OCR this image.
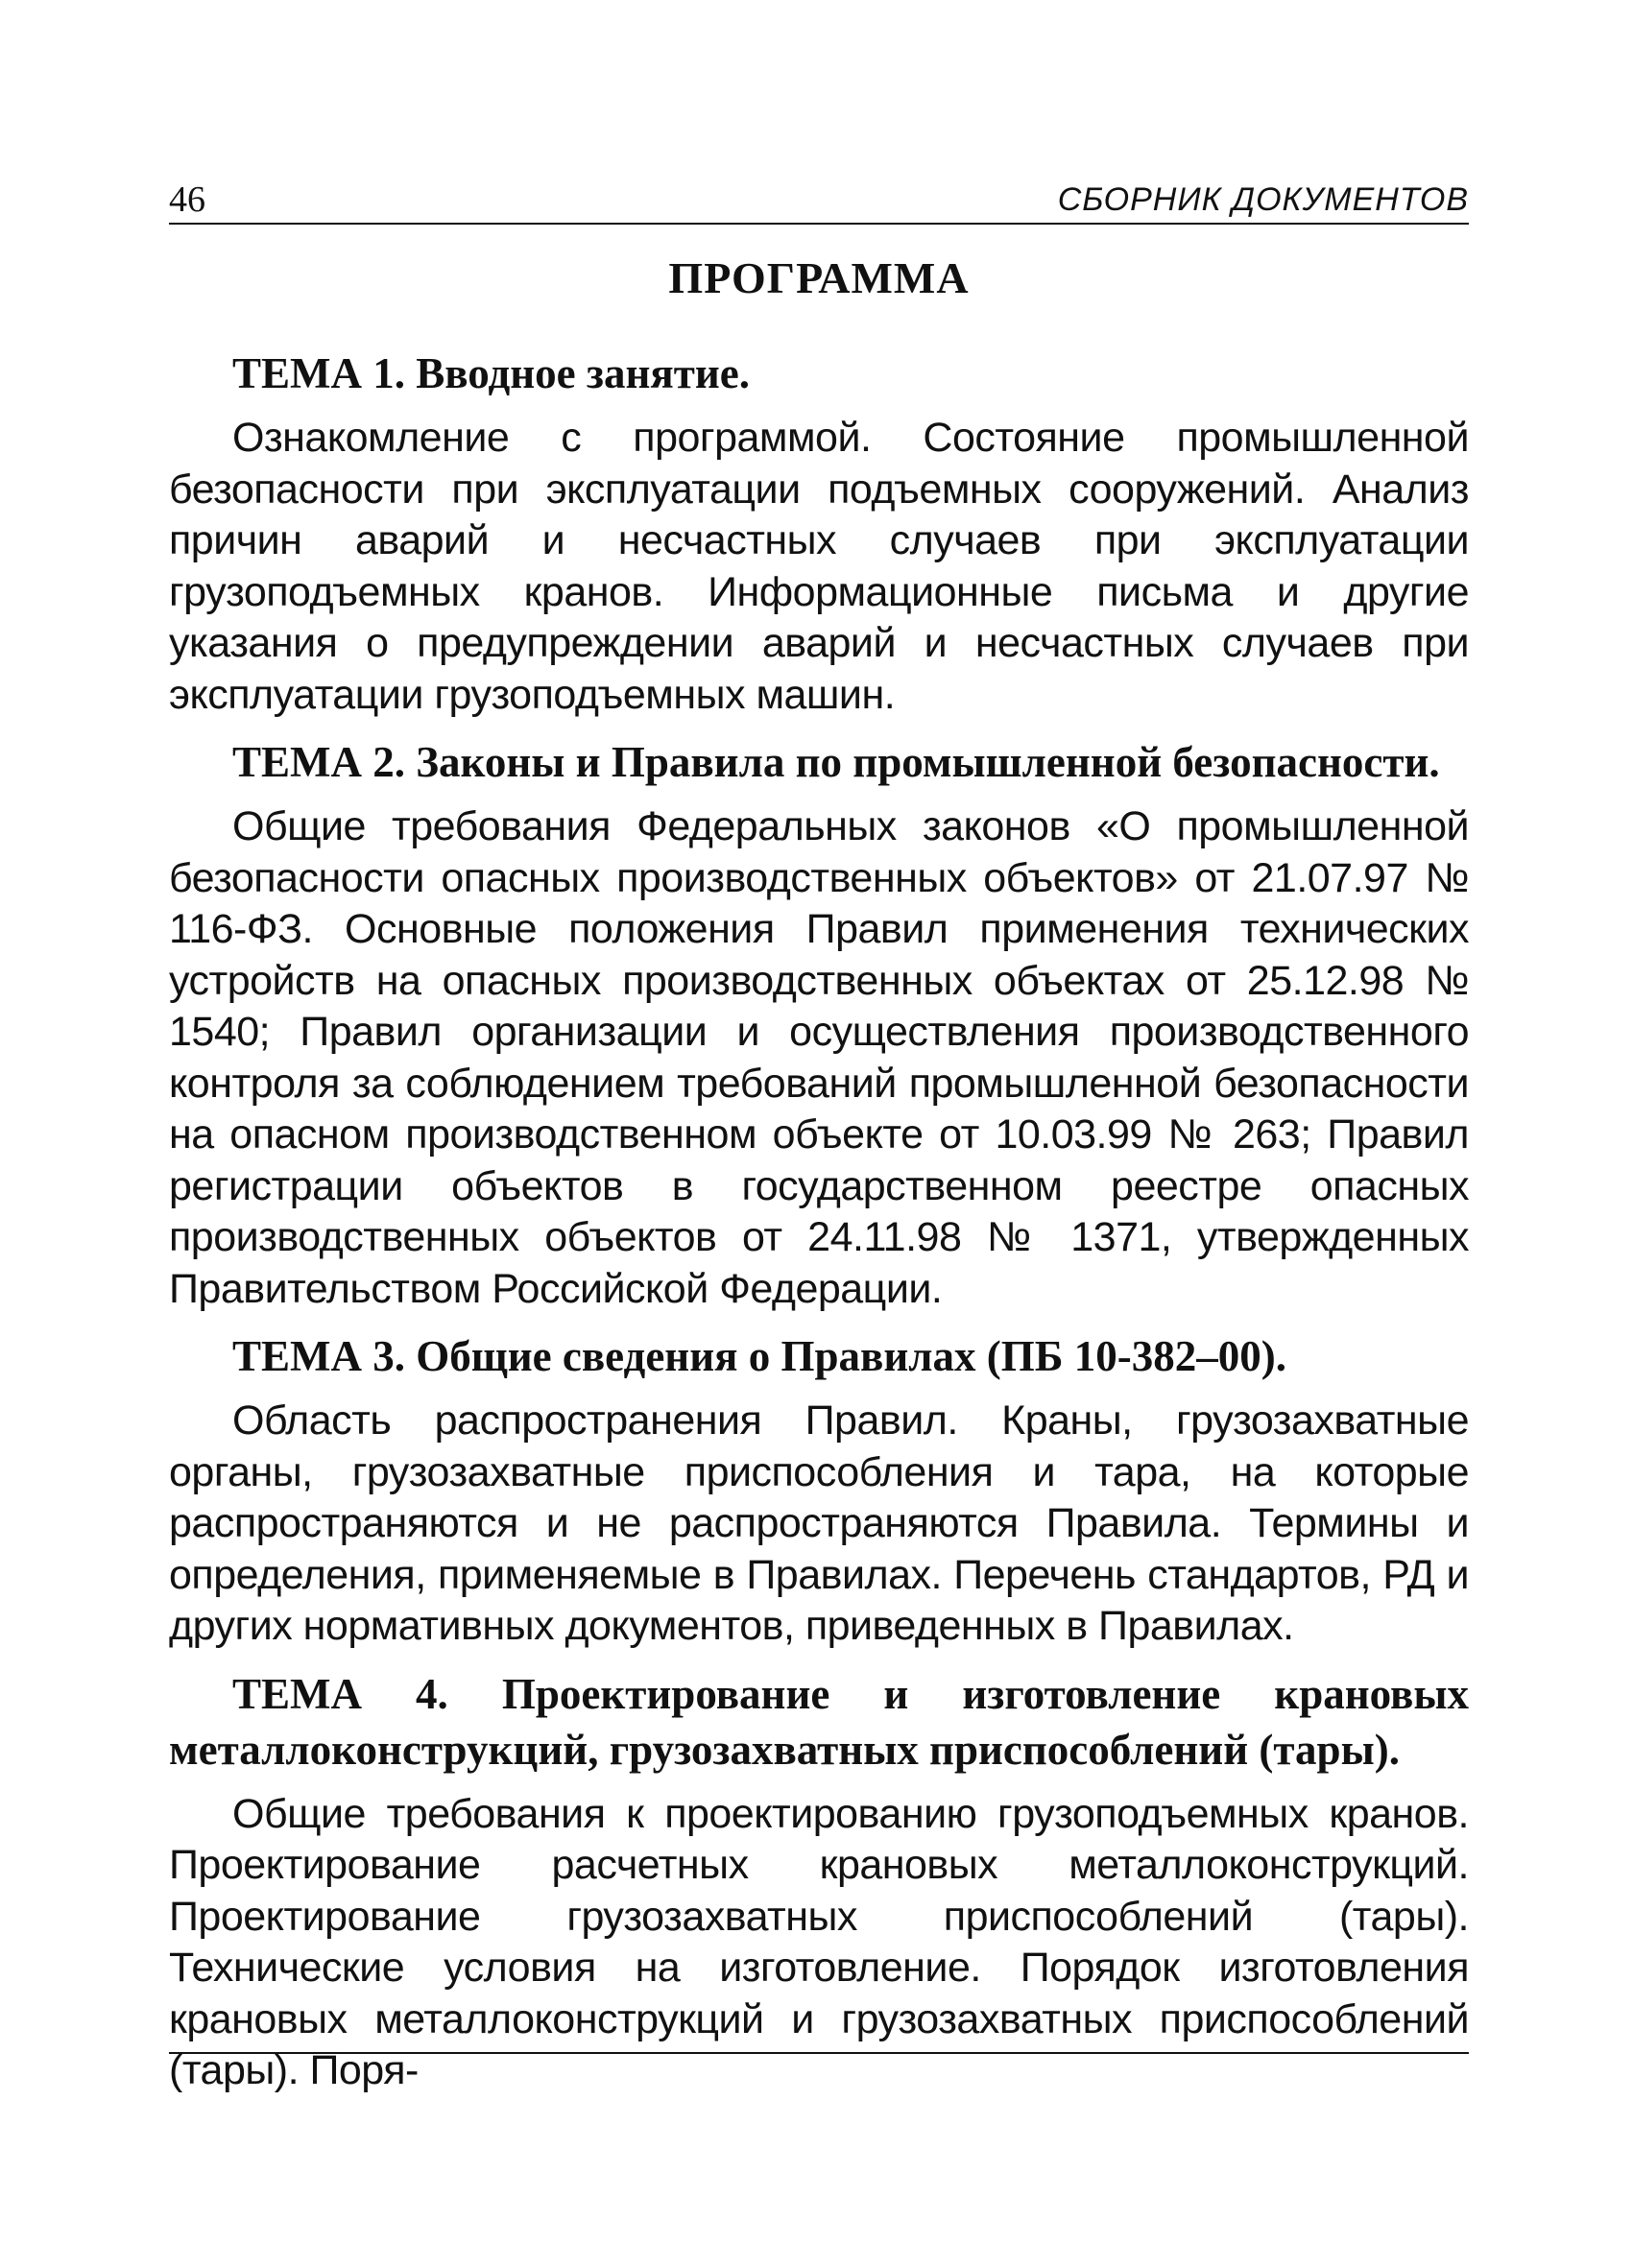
46	СБОРНИК ДОКУМЕНТОВ
ПРОГРАММА

ТЕМА 1. Вводное занятие.

Ознакомление с программой. Состояние промышленной безопасности при эксплуатации подъемных сооружений. Анализ причин аварий и несчастных случаев при эксплуатации грузоподъемных кранов. Информационные письма и другие указания о предупреждении аварий и несчастных случаев при эксплуатации грузоподъемных машин.

ТЕМА 2. Законы и Правила по промышленной безопасности.

Общие требования Федеральных законов «О промышленной безопасности опасных производственных объектов» от 21.07.97 № 116-ФЗ. Основные положения Правил применения технических устройств на опасных производственных объектах от 25.12.98 № 1540; Правил организации и осуществления производственного контроля за соблюдением требований промышленной безопасности на опасном производственном объекте от 10.03.99 № 263; Правил регистрации объектов в государственном реестре опасных производственных объектов от 24.11.98 № 1371, утвержденных Правительством Российской Федерации.

ТЕМА 3. Общие сведения о Правилах (ПБ 10-382–00).

Область распространения Правил. Краны, грузозахватные органы, грузозахватные приспособления и тара, на которые распространяются и не распространяются Правила. Термины и определения, применяемые в Правилах. Перечень стандартов, РД и других нормативных документов, приведенных в Правилах.

ТЕМА 4. Проектирование и изготовление крановых металлоконструкций, грузозахватных приспособлений (тары).

Общие требования к проектированию грузоподъемных кранов. Проектирование расчетных крановых металлоконструкций. Проектирование грузозахватных приспособлений (тары). Технические условия на изготовление. Порядок изготовления крановых металлоконструкций и грузозахватных приспособлений (тары). Поря-
